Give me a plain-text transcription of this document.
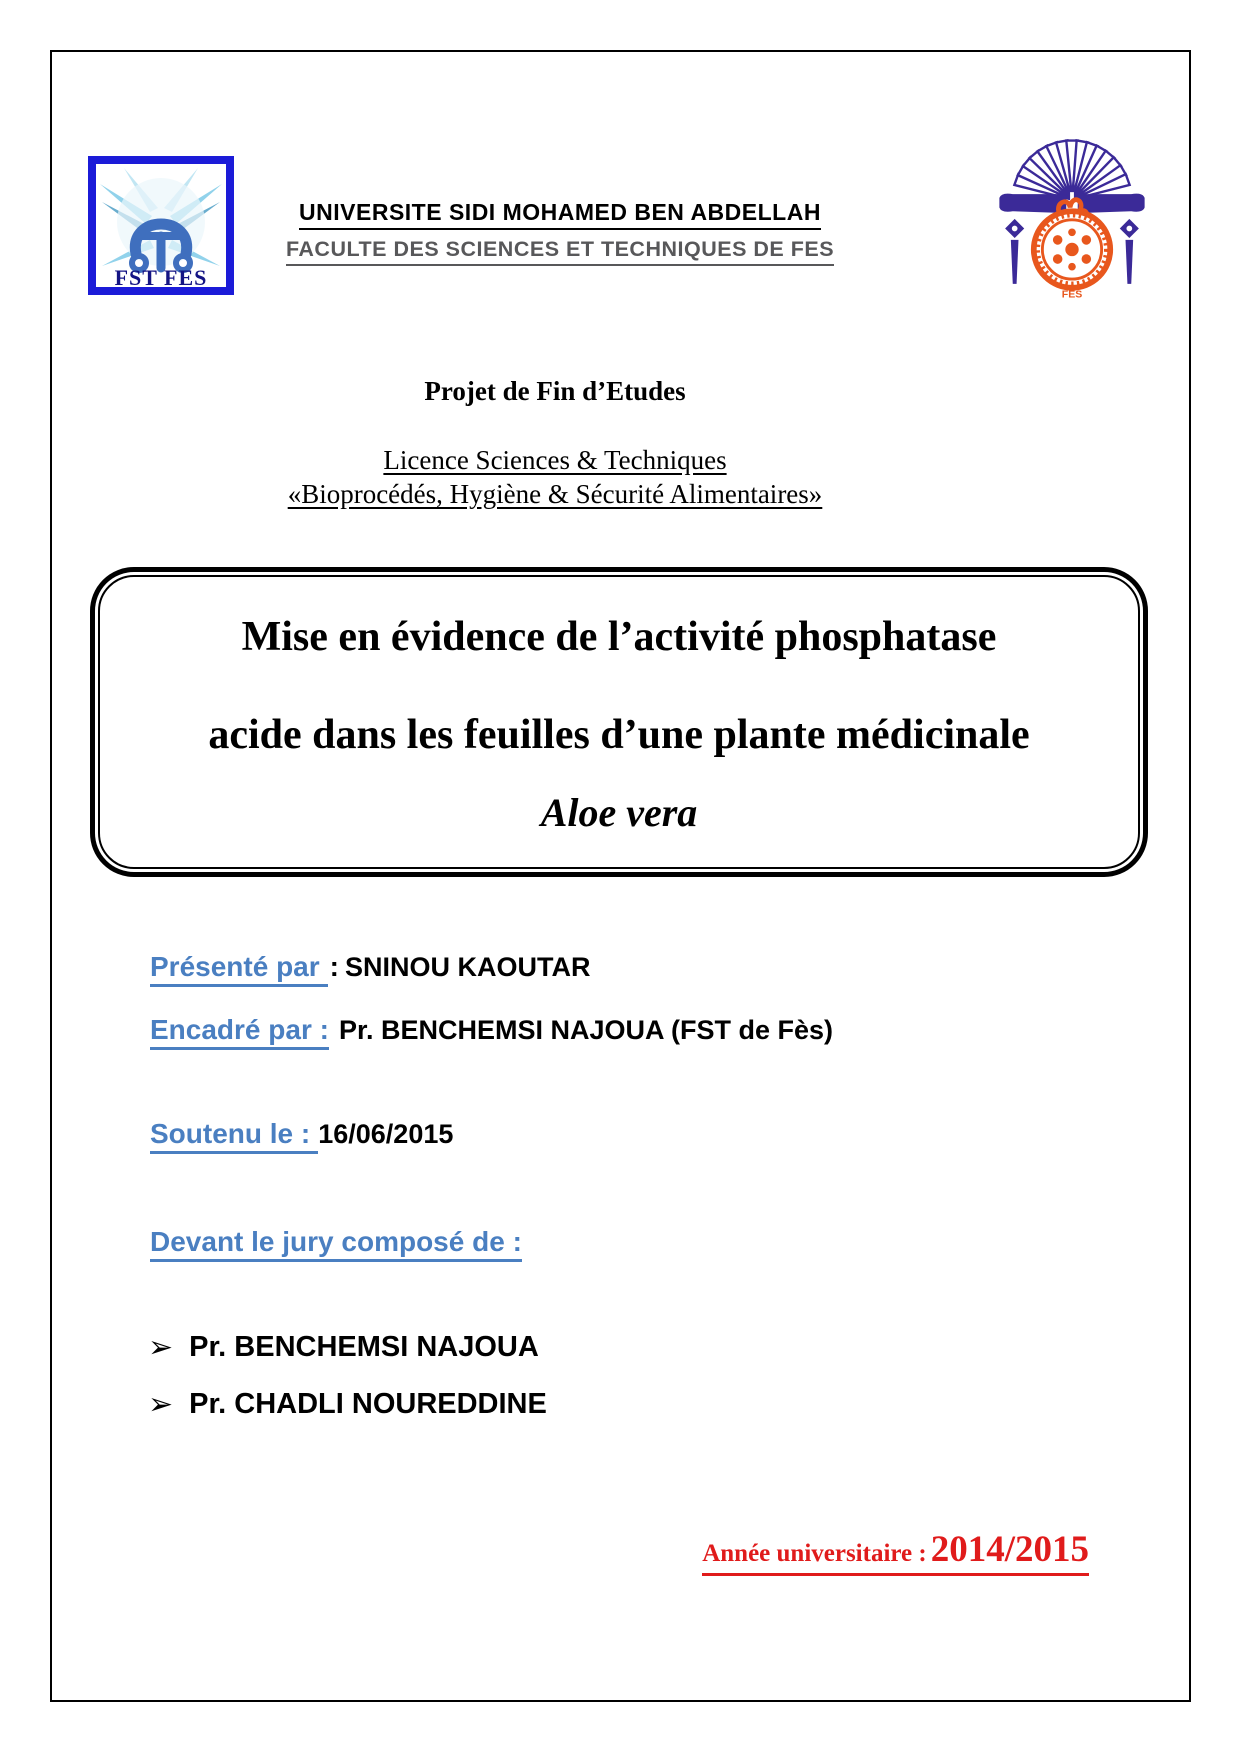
FST FES
FES
UNIVERSITE SIDI MOHAMED BEN ABDELLAH
FACULTE DES SCIENCES ET TECHNIQUES DE FES
Projet de Fin d’Etudes
Licence Sciences & Techniques
«Bioprocédés, Hygiène & Sécurité Alimentaires»
Mise en évidence de l’activité phosphatase
acide dans les feuilles d’une plante médicinale
Aloe vera
Présenté par : SNINOU KAOUTAR
Encadré par : Pr. BENCHEMSI NAJOUA (FST de Fès)
Soutenu le : 16/06/2015
Devant le jury composé de :
➢ Pr. BENCHEMSI NAJOUA
➢ Pr. CHADLI NOUREDDINE
Année universitaire : 2014/2015
